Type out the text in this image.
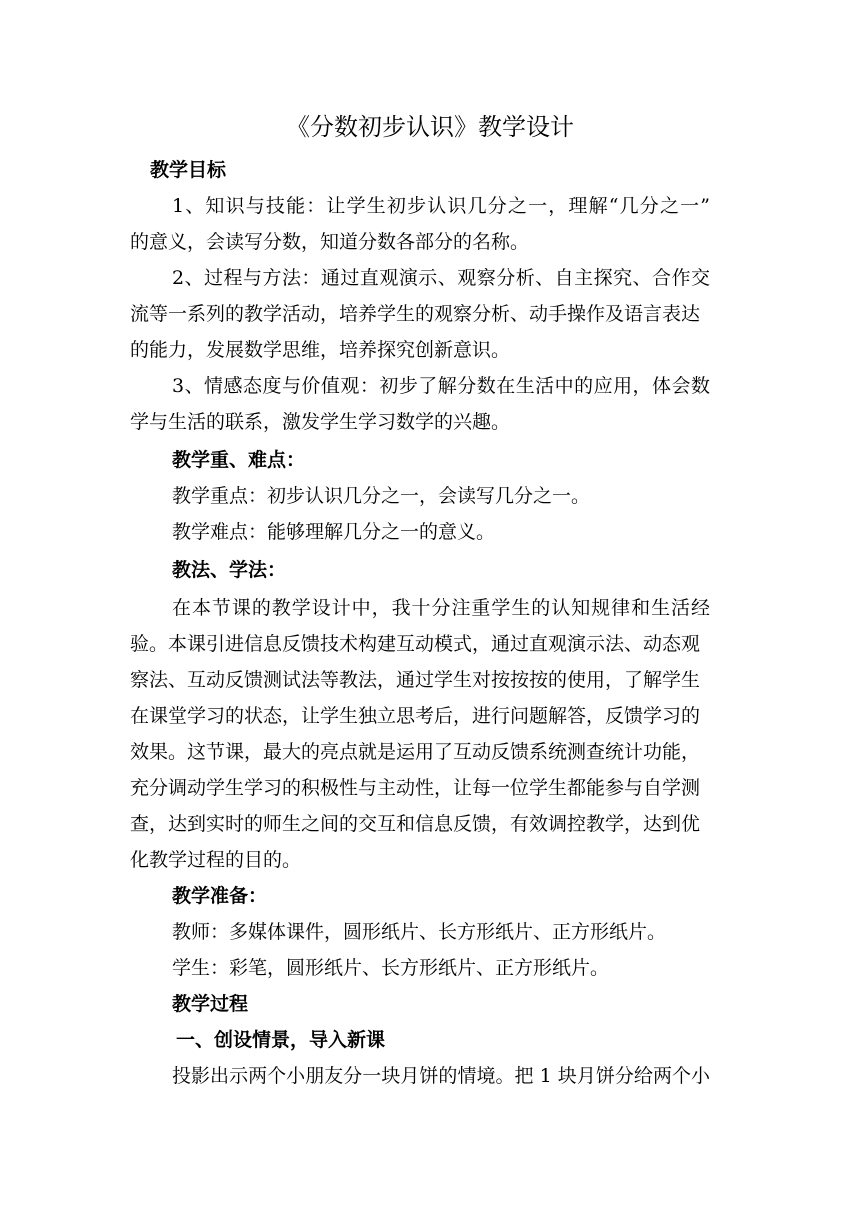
《分数初步认识》教学设计
教学目标
1、知识与技能：让学生初步认识几分之一，理解“几分之一”
的意义，会读写分数，知道分数各部分的名称。
2、过程与方法：通过直观演示、观察分析、自主探究、合作交
流等一系列的教学活动，培养学生的观察分析、动手操作及语言表达
的能力，发展数学思维，培养探究创新意识。
3、情感态度与价值观：初步了解分数在生活中的应用，体会数
学与生活的联系，激发学生学习数学的兴趣。
教学重、难点：
教学重点：初步认识几分之一，会读写几分之一。
教学难点：能够理解几分之一的意义。
教法、学法：
在本节课的教学设计中，我十分注重学生的认知规律和生活经
验。本课引进信息反馈技术构建互动模式，通过直观演示法、动态观
察法、互动反馈测试法等教法，通过学生对按按按的使用，了解学生
在课堂学习的状态，让学生独立思考后，进行问题解答，反馈学习的
效果。这节课，最大的亮点就是运用了互动反馈系统测查统计功能，
充分调动学生学习的积极性与主动性，让每一位学生都能参与自学测
查，达到实时的师生之间的交互和信息反馈，有效调控教学，达到优
化教学过程的目的。
教学准备：
教师：多媒体课件，圆形纸片、长方形纸片、正方形纸片。
学生：彩笔，圆形纸片、长方形纸片、正方形纸片。
教学过程
一、创设情景，导入新课
投影出示两个小朋友分一块月饼的情境。把 1 块月饼分给两个小
